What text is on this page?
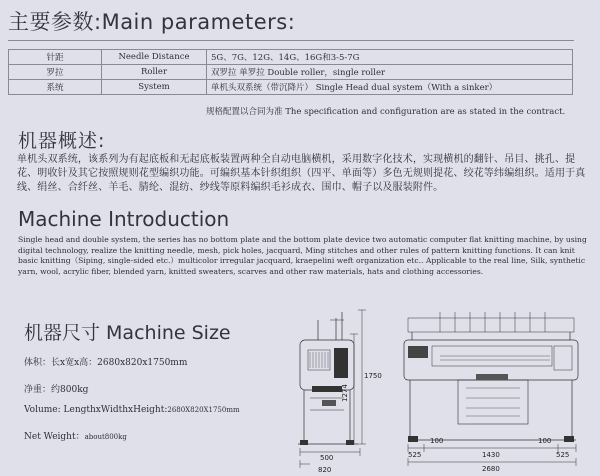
主要参数:Main parameters:
针距	Needle Distance	5G、7G、12G、14G、16G和3-5-7G
罗拉	Roller	双罗拉 单罗拉 Double roller，single roller
系统	System	单机头双系统（带沉降片） Single Head dual system（With a sinker）
规格配置以合同为准 The specification and configuration are as stated in the contract.
机器概述:
单机头双系统，该系列为有起底板和无起底板装置两种全自动电脑横机，采用数字化技术，实现横机的翻针、吊目、挑孔、提花、明收针及其它按照规则花型编织功能。可编织基本针织组织（四平、单面等）多色无规则提花、绞花等纬编组织。适用于真线、绢丝、合纤丝、羊毛、腈纶、混纺、纱线等原料编织毛衫成衣、围巾、帽子以及服装附件。
Machine Introduction
Single head and double system, the series has no bottom plate and the bottom plate device two automatic computer flat knitting machine, by using digital technology, realize the knitting needle, mesh, pick holes, jacquard, Ming stitches and other rules of pattern knitting functions. It can knit basic knitting（Siping, single-sided etc.）multicolor irregular jacquard, kraepelini weft organization etc.. Applicable to the real line, Silk, synthetic yarn, wool, acrylic fiber, blended yarn, knitted sweaters, scarves and other raw materials, hats and clothing accessories.
机器尺寸 Machine Size
体积：长x宽x高：2680x820x1750mm
净重：约800kg
Volume: LengthxWidthxHeight:2680X820X1750mm
Net Weight：about800kg
1750
1274
500
820
100	100
525	1430	525
2680
